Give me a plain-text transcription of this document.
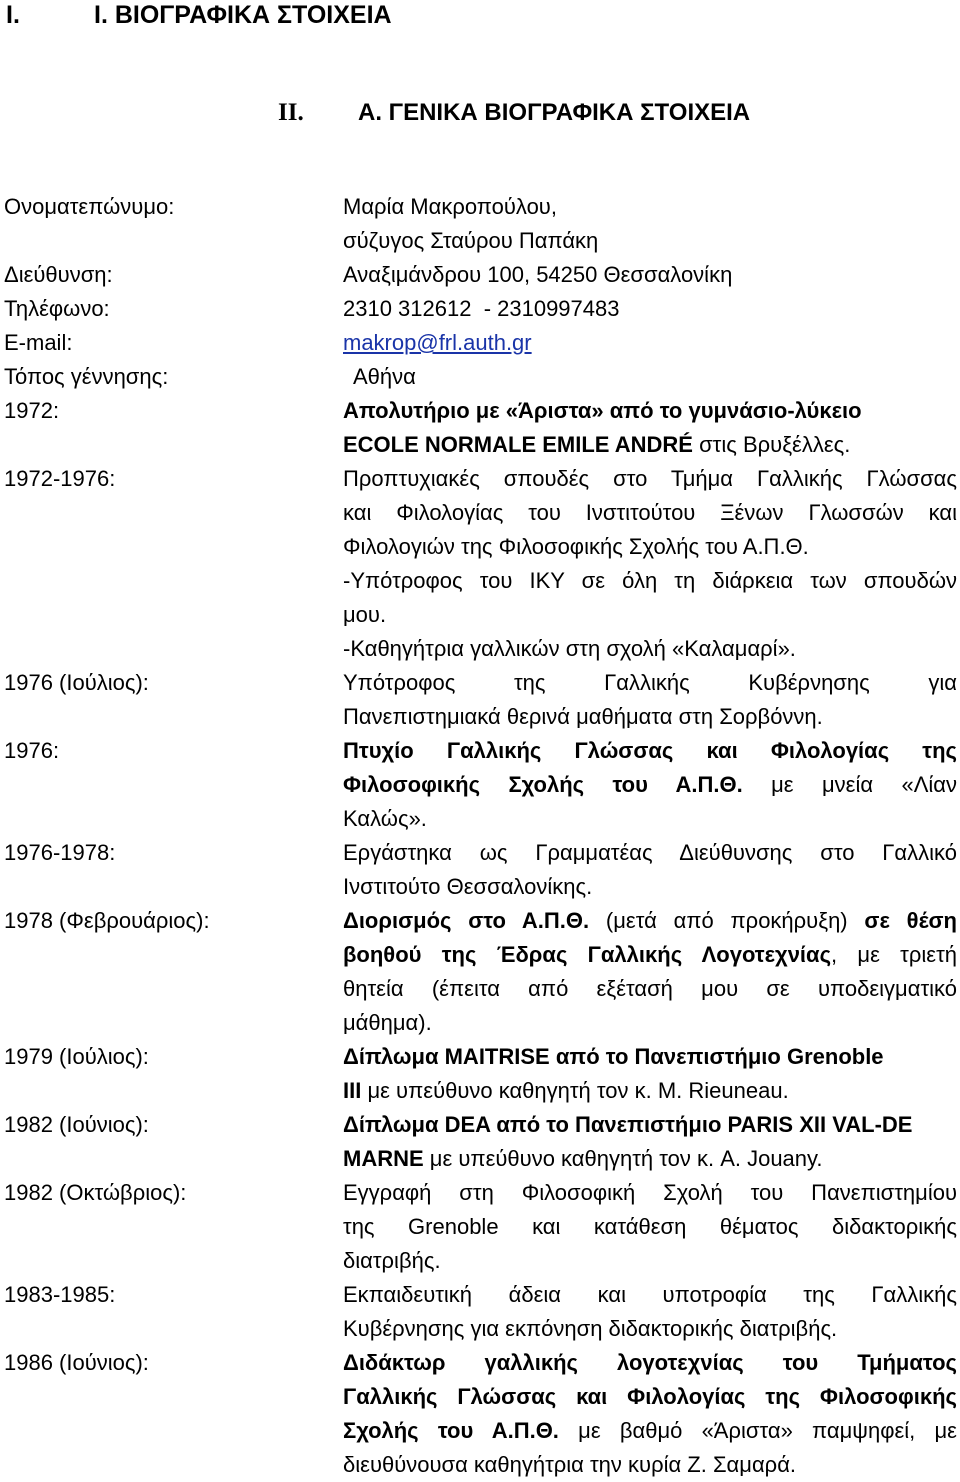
I.	I. ΒΙΟΓΡΑΦΙΚΑ ΣΤΟΙΧΕΙΑ
II. Α. ΓΕΝΙΚΑ ΒΙΟΓΡΑΦΙΚΑ ΣΤΟΙΧΕΙΑ
Ονοματεπώνυμο:	Μαρία Μακροπούλου,

σύζυγος Σταύρου Παπάκη

Διεύθυνση:	Αναξιμάνδρου 100, 54250 Θεσσαλονίκη

Τηλέφωνο:	2310 312612  - 2310997483

E-mail:	makrop@frl.auth.gr

Τόπος γέννησης:	Αθήνα

1972:	Απολυτήριο με «Άριστα» από το γυμνάσιο-λύκειο

ECOLE NORMALE EMILE ANDRÉ στις Βρυξέλλες.

1972-1976:	Προπτυχιακές σπουδές στο Τμήμα Γαλλικής Γλώσσας

και Φιλολογίας του Ινστιτούτου Ξένων Γλωσσών και

Φιλολογιών της Φιλοσοφικής Σχολής του Α.Π.Θ.

-Υπότροφος του ΙΚΥ σε όλη τη διάρκεια των σπουδών

μου.

-Καθηγήτρια γαλλικών στη σχολή «Καλαμαρί».

1976 (Ιούλιος):	Υπότροφος της Γαλλικής Κυβέρνησης για

Πανεπιστημιακά θερινά μαθήματα στη Σορβόννη.

1976:	Πτυχίο Γαλλικής Γλώσσας και Φιλολογίας της

Φιλοσοφικής Σχολής του Α.Π.Θ. με μνεία «Λίαν

Καλώς».

1976-1978:	Εργάστηκα ως Γραμματέας Διεύθυνσης στο Γαλλικό

Ινστιτούτο Θεσσαλονίκης.

1978 (Φεβρουάριος):	Διορισμός στο Α.Π.Θ. (μετά από προκήρυξη) σε θέση

βοηθού της Έδρας Γαλλικής Λογοτεχνίας, με τριετή

θητεία (έπειτα από εξέτασή μου σε υποδειγματικό

μάθημα).

1979 (Ιούλιος):	Δίπλωμα MAITRISE από το Πανεπιστήμιο Grenoble

III με υπεύθυνο καθηγητή τον κ. M. Rieuneau.

1982 (Ιούνιος):	Δίπλωμα DEA από το Πανεπιστήμιο PARIS XII VAL-DE

MARNE με υπεύθυνο καθηγητή τον κ. A. Jouany.

1982 (Οκτώβριος):	Εγγραφή στη Φιλοσοφική Σχολή του Πανεπιστημίου

της Grenoble και κατάθεση θέματος διδακτορικής

διατριβής.

1983-1985:	Εκπαιδευτική άδεια και υποτροφία της Γαλλικής

Κυβέρνησης για εκπόνηση διδακτορικής διατριβής.

1986 (Ιούνιος):	Διδάκτωρ γαλλικής λογοτεχνίας του Τμήματος

Γαλλικής Γλώσσας και Φιλολογίας της Φιλοσοφικής

Σχολής του Α.Π.Θ. με βαθμό «Άριστα» παμψηφεί, με

διευθύνουσα καθηγήτρια την κυρία Ζ. Σαμαρά.
